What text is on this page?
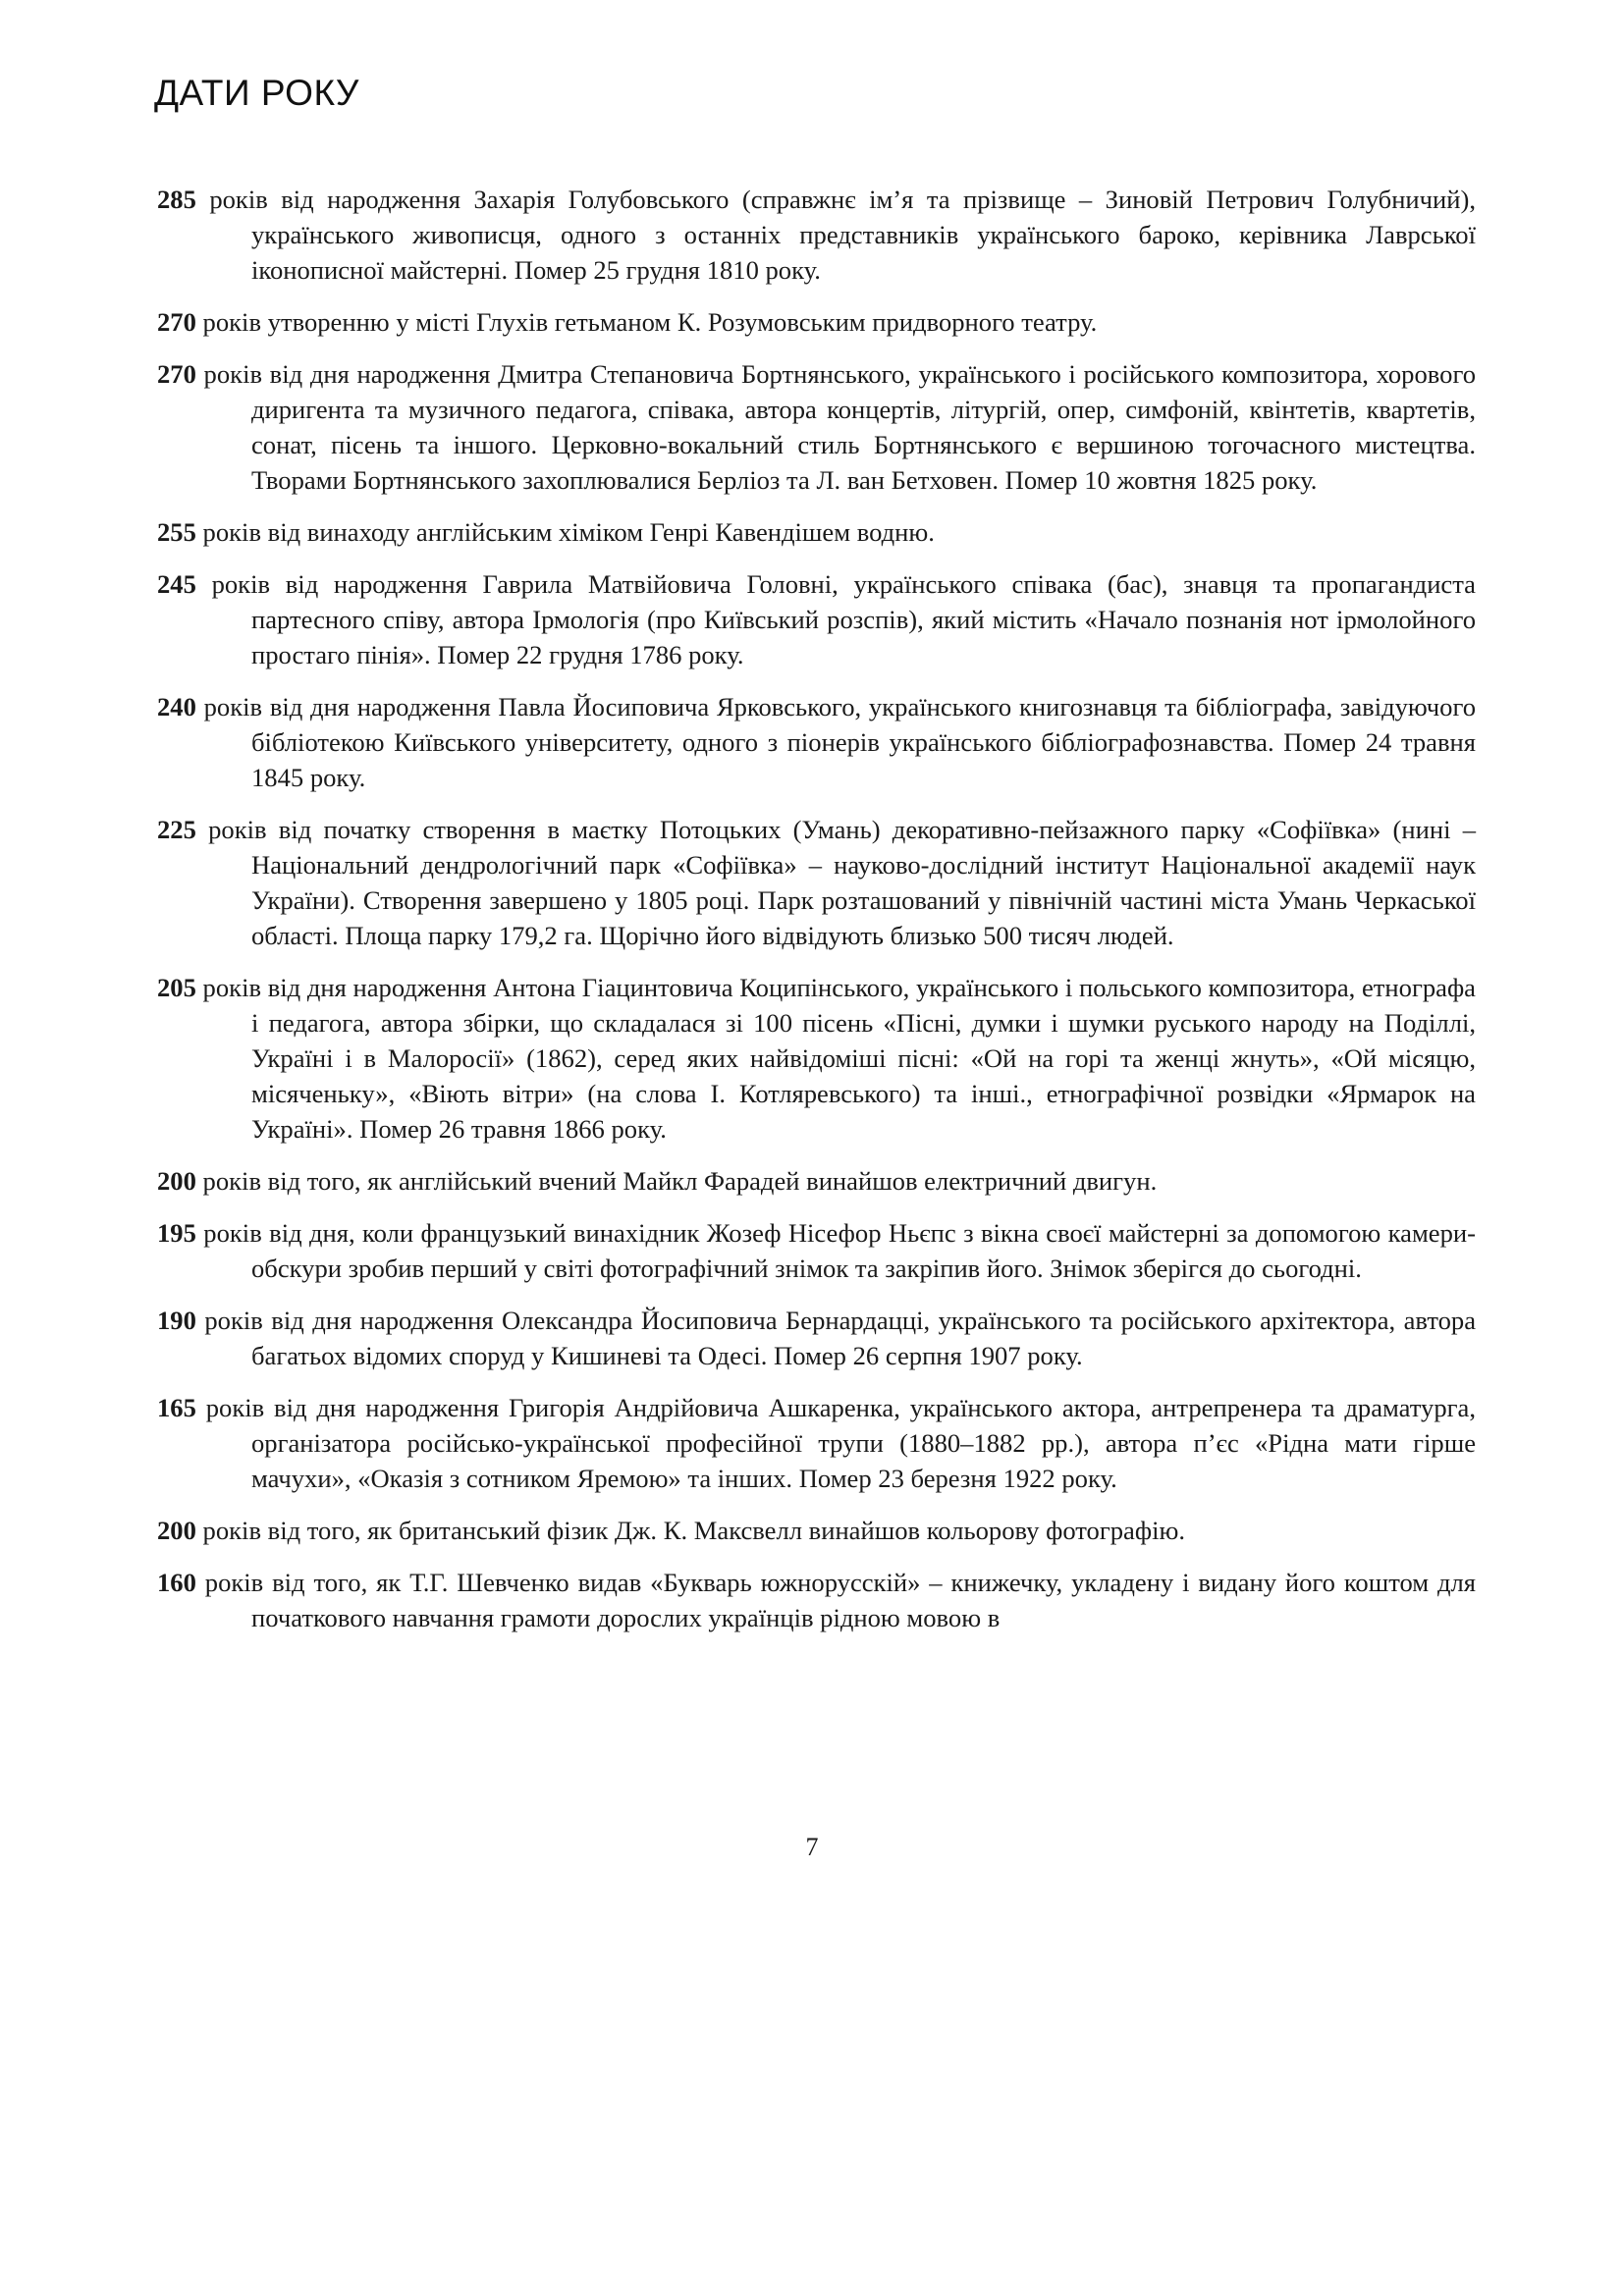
ДАТИ РОКУ
285 років від народження Захарія Голубовського (справжнє ім’я та прізвище – Зиновій Петрович Голубничий), українського живописця, одного з останніх представників українського бароко, керівника Лаврської іконописної майстерні. Помер 25 грудня 1810 року.
270 років утворенню у місті Глухів гетьманом К. Розумовським придворного театру.
270 років від дня народження Дмитра Степановича Бортнянського, українського і російського композитора, хорового диригента та музичного педагога, співака, автора концертів, літургій, опер, симфоній, квінтетів, квартетів, сонат, пісень та іншого. Церковно-вокальний стиль Бортнянського є вершиною тогочасного мистецтва. Творами Бортнянського захоплювалися Берліоз та Л. ван Бетховен. Помер 10 жовтня 1825 року.
255 років від винаходу англійським хіміком Генрі Кавендішем водню.
245 років від народження Гаврила Матвійовича Головні, українського співака (бас), знавця та пропагандиста партесного співу, автора Ірмологія (про Київський розспів), який містить «Начало познанія нот ірмолойного простаго пінія». Помер 22 грудня 1786 року.
240 років від дня народження Павла Йосиповича Ярковського, українського книгознавця та бібліографа, завідуючого бібліотекою Київського університету, одного з піонерів українського бібліографознавства. Помер 24 травня 1845 року.
225 років від початку створення в маєтку Потоцьких (Умань) декоративно-пейзажного парку «Софіївка» (нині – Національний дендрологічний парк «Софіївка» – науково-дослідний інститут Національної академії наук України). Створення завершено у 1805 році. Парк розташований у північній частині міста Умань Черкаської області. Площа парку 179,2 га. Щорічно його відвідують близько 500 тисяч людей.
205 років від дня народження Антона Гіацинтовича Коципінського, українського і польського композитора, етнографа і педагога, автора збірки, що складалася зі 100 пісень «Пісні, думки і шумки руського народу на Поділлі, Україні і в Малоросії» (1862), серед яких найвідоміші пісні: «Ой на горі та женці жнуть», «Ой місяцю, місяченьку», «Віють вітри» (на слова І. Котляревського) та інші., етнографічної розвідки «Ярмарок на Україні». Помер 26 травня 1866 року.
200 років від того, як англійський вчений Майкл Фарадей винайшов електричний двигун.
195 років від дня, коли французький винахідник Жозеф Нісефор Ньєпс з вікна своєї майстерні за допомогою камери-обскури зробив перший у світі фотографічний знімок та закріпив його. Знімок зберігся до сьогодні.
190 років від дня народження Олександра Йосиповича Бернардацці, українського та російського архітектора, автора багатьох відомих споруд у Кишиневі та Одесі. Помер 26 серпня 1907 року.
165 років від дня народження Григорія Андрійовича Ашкаренка, українського актора, антрепренера та драматурга, організатора російсько-української професійної трупи (1880–1882 рр.), автора п’єс «Рідна мати гірше мачухи», «Оказія з сотником Яремою» та інших. Помер 23 березня 1922 року.
200 років від того, як британський фізик Дж. К. Максвелл винайшов кольорову фотографію.
160 років від того, як Т.Г. Шевченко видав «Букварь южнорусскій» – книжечку, укладену і видану його коштом для початкового навчання грамоти дорослих українців рідною мовою в

7
